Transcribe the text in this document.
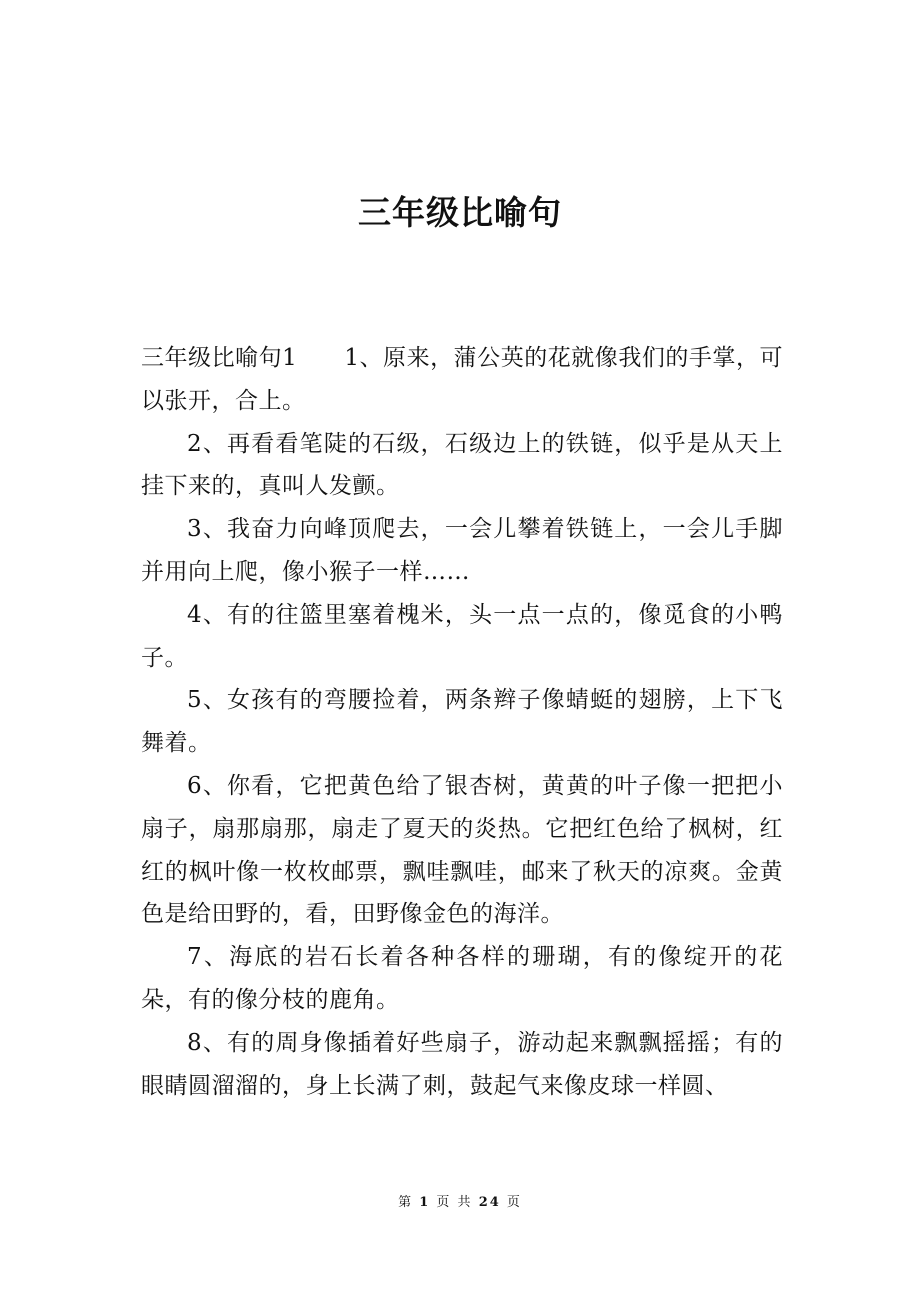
三年级比喻句

三年级比喻句1　　1、原来，蒲公英的花就像我们的手掌，可以张开，合上。

2、再看看笔陡的石级，石级边上的铁链，似乎是从天上挂下来的，真叫人发颤。

3、我奋力向峰顶爬去，一会儿攀着铁链上，一会儿手脚并用向上爬，像小猴子一样……

4、有的往篮里塞着槐米，头一点一点的，像觅食的小鸭子。

5、女孩有的弯腰捡着，两条辫子像蜻蜓的翅膀，上下飞舞着。

6、你看，它把黄色给了银杏树，黄黄的叶子像一把把小扇子，扇那扇那，扇走了夏天的炎热。它把红色给了枫树，红红的枫叶像一枚枚邮票，飘哇飘哇，邮来了秋天的凉爽。金黄色是给田野的，看，田野像金色的海洋。

7、海底的岩石长着各种各样的珊瑚，有的像绽开的花朵，有的像分枝的鹿角。

8、有的周身像插着好些扇子，游动起来飘飘摇摇；有的眼睛圆溜溜的，身上长满了刺，鼓起气来像皮球一样圆、

第 1 页 共 24 页
